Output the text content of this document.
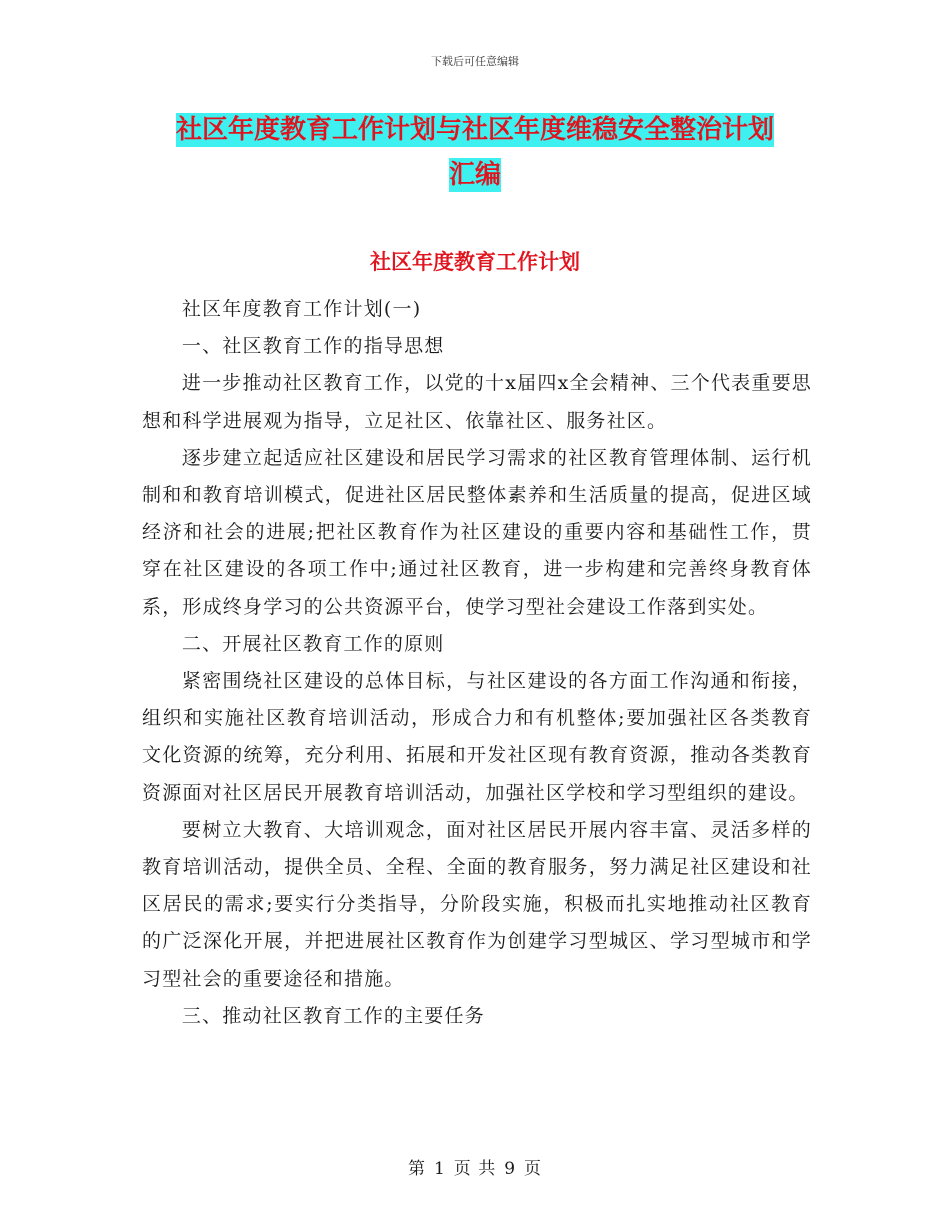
下载后可任意编辑
社区年度教育工作计划与社区年度维稳安全整治计划
汇编
社区年度教育工作计划

社区年度教育工作计划(一)

一、社区教育工作的指导思想

进一步推动社区教育工作，以党的十x届四x全会精神、三个代表重要思想和科学进展观为指导，立足社区、依靠社区、服务社区。

逐步建立起适应社区建设和居民学习需求的社区教育管理体制、运行机制和和教育培训模式，促进社区居民整体素养和生活质量的提高，促进区域经济和社会的进展;把社区教育作为社区建设的重要内容和基础性工作，贯穿在社区建设的各项工作中;通过社区教育，进一步构建和完善终身教育体系，形成终身学习的公共资源平台，使学习型社会建设工作落到实处。

二、开展社区教育工作的原则

紧密围绕社区建设的总体目标，与社区建设的各方面工作沟通和衔接，组织和实施社区教育培训活动，形成合力和有机整体;要加强社区各类教育文化资源的统筹，充分利用、拓展和开发社区现有教育资源，推动各类教育资源面对社区居民开展教育培训活动，加强社区学校和学习型组织的建设。

要树立大教育、大培训观念，面对社区居民开展内容丰富、灵活多样的教育培训活动，提供全员、全程、全面的教育服务，努力满足社区建设和社区居民的需求;要实行分类指导，分阶段实施，积极而扎实地推动社区教育的广泛深化开展，并把进展社区教育作为创建学习型城区、学习型城市和学习型社会的重要途径和措施。

三、推动社区教育工作的主要任务

第 1 页 共 9 页
